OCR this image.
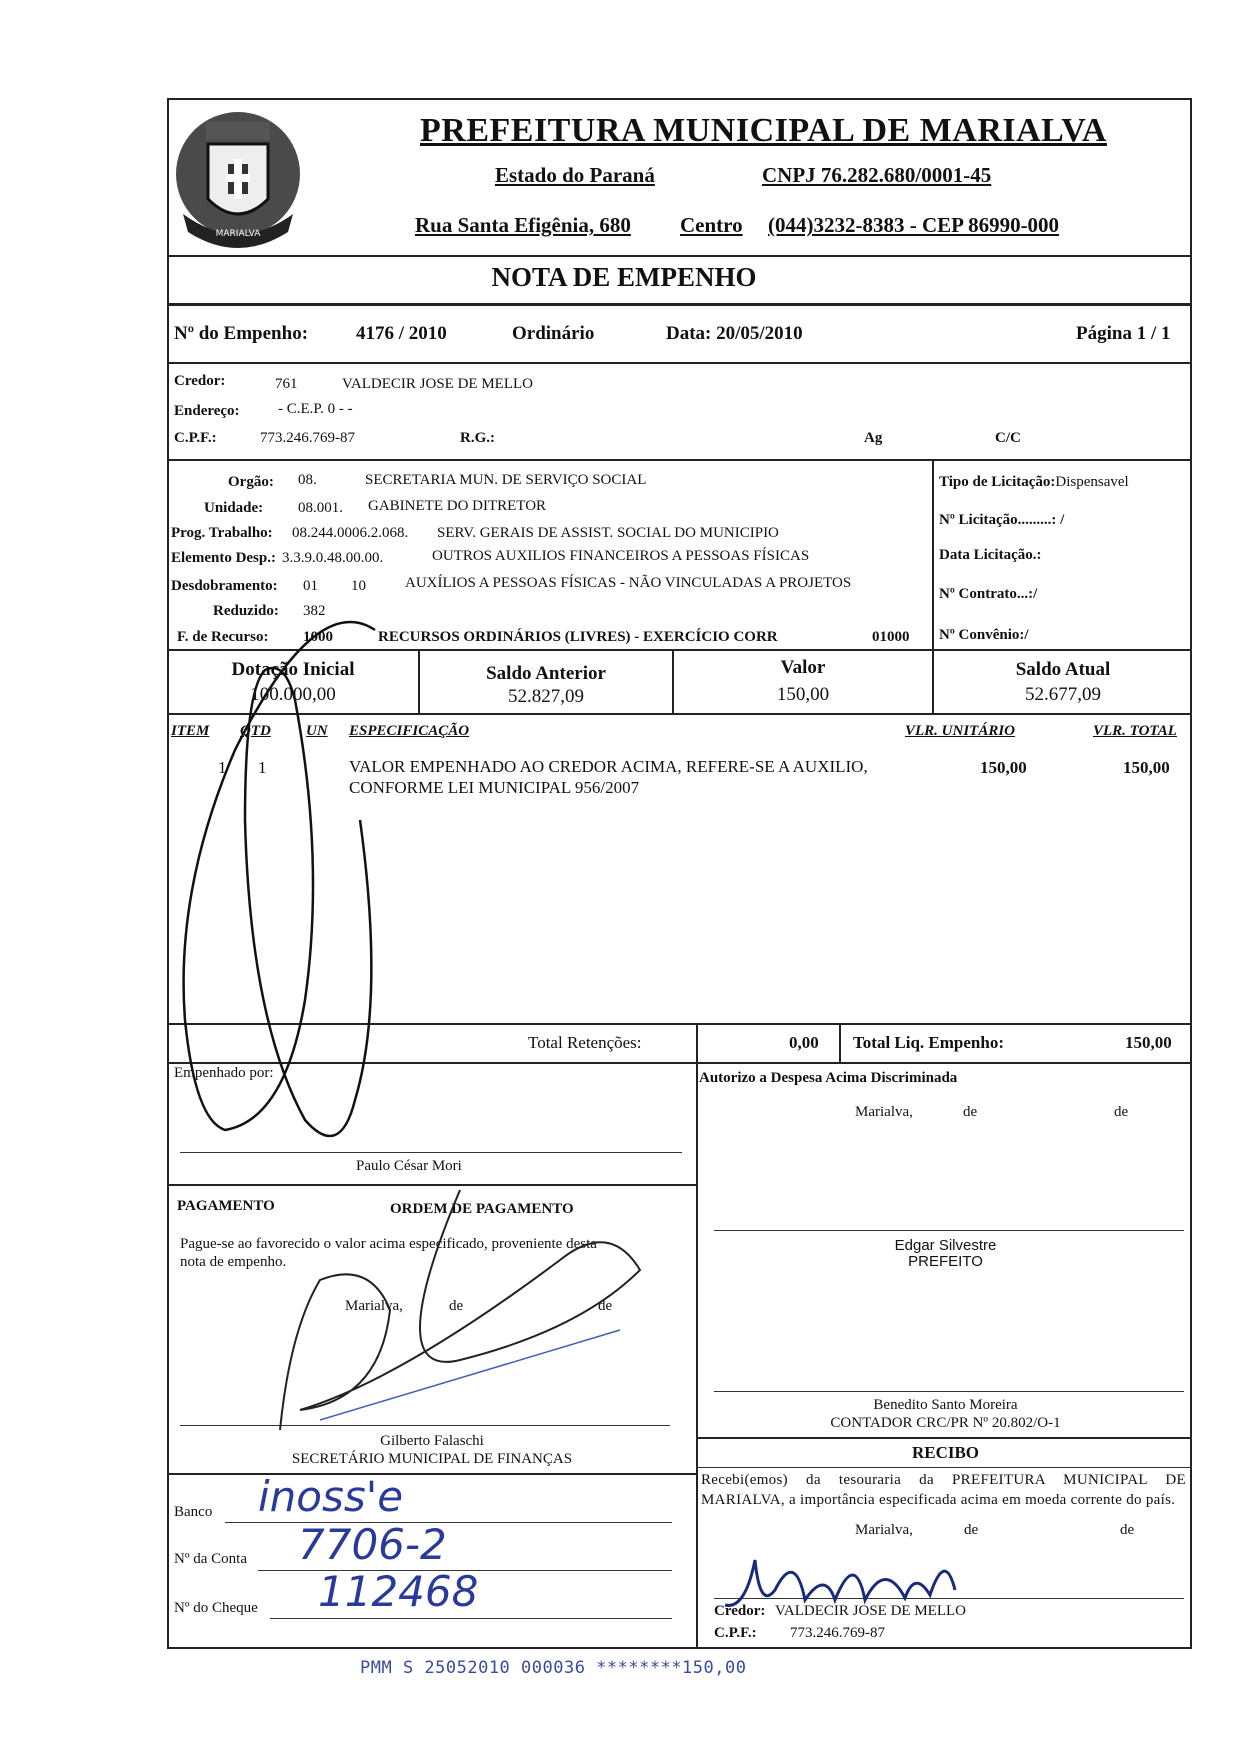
MARIALVA
PREFEITURA MUNICIPAL DE MARIALVA
Estado do Paraná	CNPJ 76.282.680/0001-45
Rua Santa Efigênia, 680 Centro (044)3232-8383 - CEP 86990-000
NOTA DE EMPENHO
Nº do Empenho:	4176 / 2010	Ordinário	Data: 20/05/2010	Página 1 / 1
Credor:	761	VALDECIR JOSE DE MELLO
Endereço:	- C.E.P. 0 - -
C.P.F.:	773.246.769-87	R.G.:	Ag	C/C
Orgão: 08.	SECRETARIA MUN. DE SERVIÇO SOCIAL
Unidade: 08.001. GABINETE DO DITRETOR
Prog. Trabalho: 08.244.0006.2.068. SERV. GERAIS DE ASSIST. SOCIAL DO MUNICIPIO
Elemento Desp.: 3.3.9.0.48.00.00.	OUTROS AUXILIOS FINANCEIROS A PESSOAS FÍSICAS
Desdobramento: 01 10	AUXÍLIOS A PESSOAS FÍSICAS - NÃO VINCULADAS A PROJETOS
Reduzido: 382
F. de Recurso: 1000	RECURSOS ORDINÁRIOS (LIVRES) - EXERCÍCIO CORR	01000
Tipo de Licitação:Dispensavel
Nº Licitação.........: /
Data Licitação.:
Nº Contrato...:/
Nº Convênio:/
Dotação Inicial
100.000,00
Saldo Anterior
52.827,09
Valor
150,00
Saldo Atual
52.677,09
ITEM QTD UN ESPECIFICAÇÃO	VLR. UNITÁRIO	VLR. TOTAL
1 1	VALOR EMPENHADO AO CREDOR ACIMA, REFERE-SE A AUXILIO,
CONFORME LEI MUNICIPAL 956/2007
150,00	150,00
Total Retenções:	0,00 Total Liq. Empenho:	150,00
Empenhado por:
Paulo César Mori
Autorizo a Despesa Acima Discriminada
Marialva,	de	de
Edgar Silvestre
PREFEITO
Benedito Santo Moreira
CONTADOR CRC/PR Nº 20.802/O-1
PAGAMENTO	ORDEM DE PAGAMENTO
Pague-se ao favorecido o valor acima especificado, proveniente desta
nota de empenho.
Marialva,	de	de
Gilberto Falaschi
SECRETÁRIO MUNICIPAL DE FINANÇAS
Banco inoss'e
Nº da Conta 7706-2
Nº do Cheque 112468
RECIBO
Recebi(emos) da tesouraria da PREFEITURA MUNICIPAL DE MARIALVA, a importância especificada acima em moeda corrente do país.
Marialva,	de	de
Credor: VALDECIR JOSE DE MELLO
C.P.F.: 773.246.769-87
PMM S 25052010 000036 ********150,00
